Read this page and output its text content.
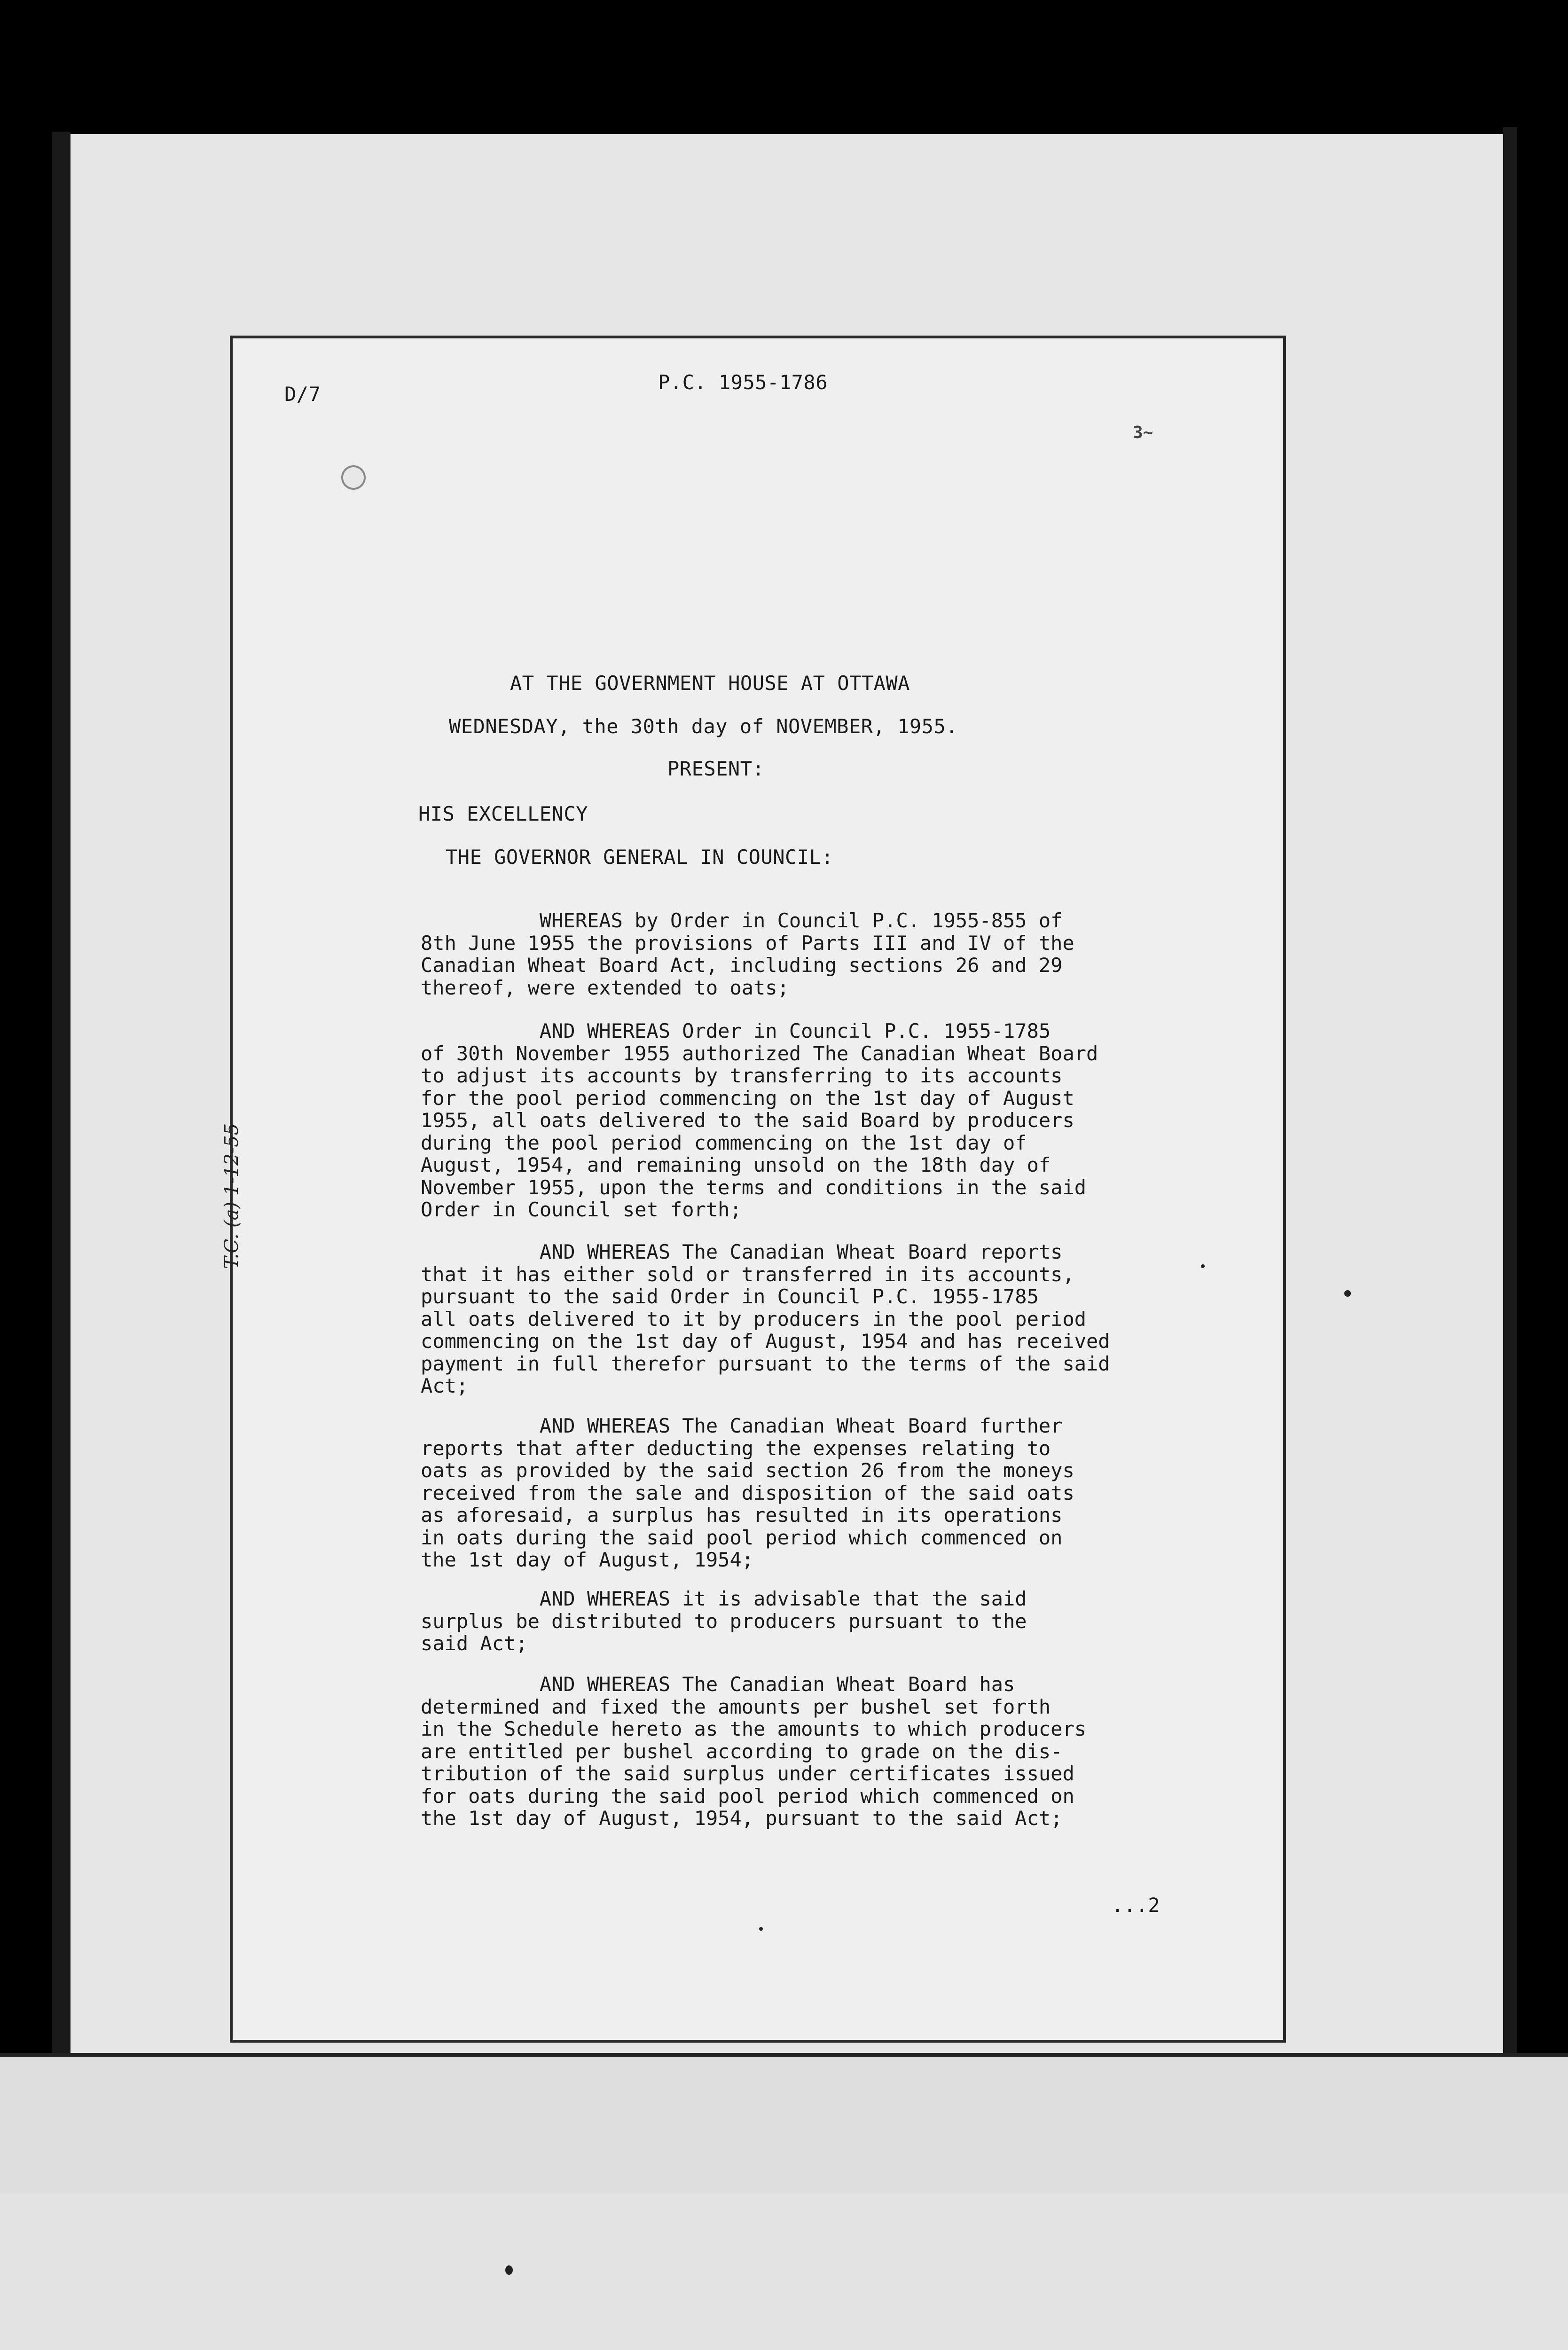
D/7
P.C. 1955-1786
3~
AT THE GOVERNMENT HOUSE AT OTTAWA
WEDNESDAY, the 30th day of NOVEMBER, 1955.
PRESENT:
HIS EXCELLENCY
THE GOVERNOR GENERAL IN COUNCIL:
WHEREAS by Order in Council P.C. 1955-855 of
8th June 1955 the provisions of Parts III and IV of the
Canadian Wheat Board Act, including sections 26 and 29
thereof, were extended to oats;
AND WHEREAS Order in Council P.C. 1955-1785
of 30th November 1955 authorized The Canadian Wheat Board
to adjust its accounts by transferring to its accounts
for the pool period commencing on the 1st day of August
1955, all oats delivered to the said Board by producers
during the pool period commencing on the 1st day of
August, 1954, and remaining unsold on the 18th day of
November 1955, upon the terms and conditions in the said
Order in Council set forth;
AND WHEREAS The Canadian Wheat Board reports
that it has either sold or transferred in its accounts,
pursuant to the said Order in Council P.C. 1955-1785
all oats delivered to it by producers in the pool period
commencing on the 1st day of August, 1954 and has received
payment in full therefor pursuant to the terms of the said
Act;
AND WHEREAS The Canadian Wheat Board further
reports that after deducting the expenses relating to
oats as provided by the said section 26 from the moneys
received from the sale and disposition of the said oats
as aforesaid, a surplus has resulted in its operations
in oats during the said pool period which commenced on
the 1st day of August, 1954;
AND WHEREAS it is advisable that the said
surplus be distributed to producers pursuant to the
said Act;
AND WHEREAS The Canadian Wheat Board has
determined and fixed the amounts per bushel set forth
in the Schedule hereto as the amounts to which producers
are entitled per bushel according to grade on the dis-
tribution of the said surplus under certificates issued
for oats during the said pool period which commenced on
the 1st day of August, 1954, pursuant to the said Act;
...2
T.C. (a) 1-12-55
